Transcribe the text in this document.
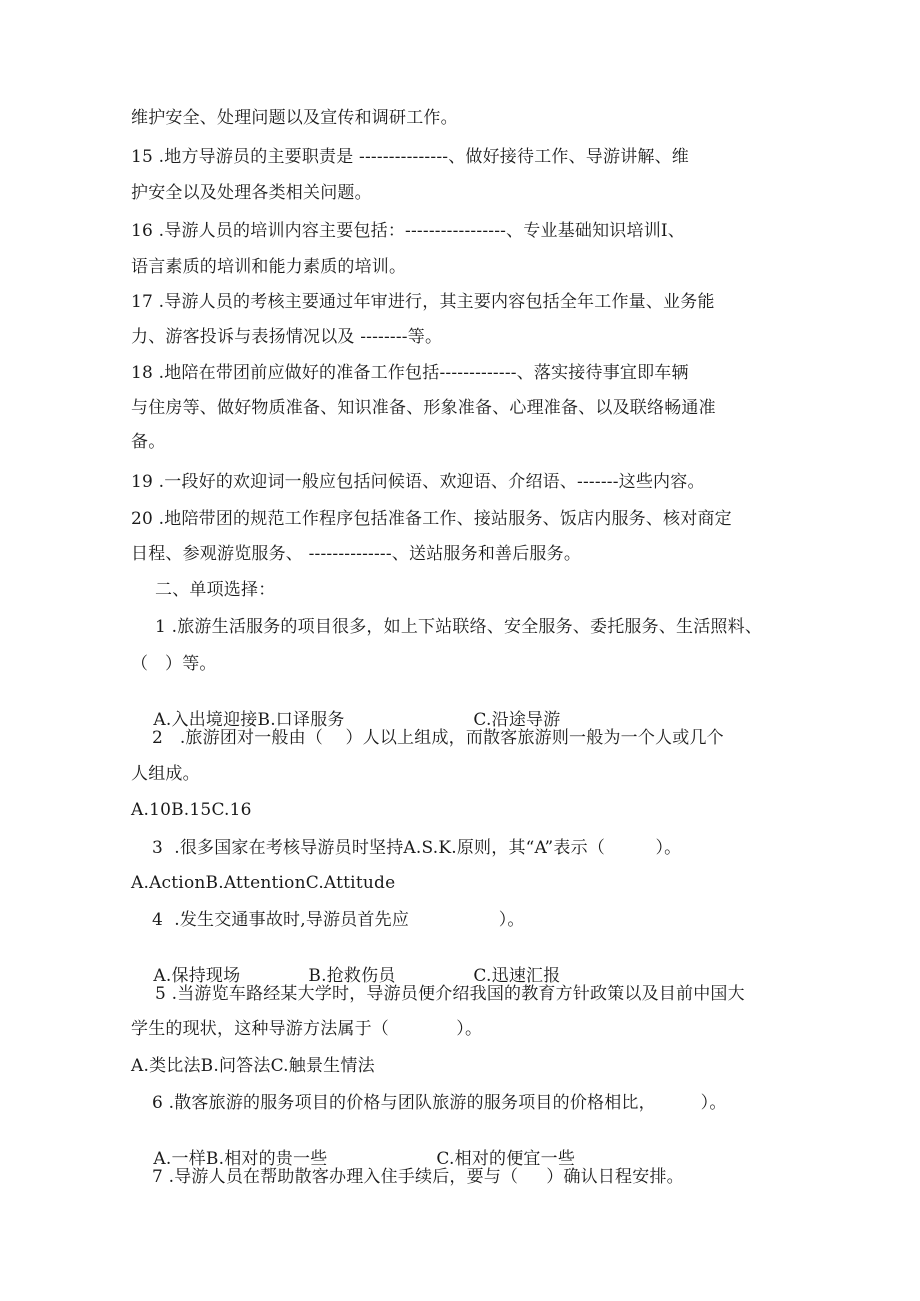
维护安全、处理问题以及宣传和调研工作。
15 .地方导游员的主要职责是 ---------------、做好接待工作、导游讲解、维
护安全以及处理各类相关问题。
16 .导游人员的培训内容主要包括：-----------------、专业基础知识培训I、
语言素质的培训和能力素质的培训。
17 .导游人员的考核主要通过年审进行，其主要内容包括全年工作量、业务能
力、游客投诉与表扬情况以及 --------等。
18 .地陪在带团前应做好的准备工作包括-------------、落实接待事宜即车辆
与住房等、做好物质准备、知识准备、形象准备、心理准备、以及联络畅通准
备。
19 .一段好的欢迎词一般应包括问候语、欢迎语、介绍语、-------这些内容。
20 .地陪带团的规范工作程序包括准备工作、接站服务、饭店内服务、核对商定
日程、参观游览服务、 --------------、送站服务和善后服务。
二、单项选择：
1 .旅游生活服务的项目很多，如上下站联络、安全服务、委托服务、生活照料、
（   ）等。

A.入出境迎接B.口译服务	C.沿途导游

2   .旅游团对一般由（    ）人以上组成，而散客旅游则一般为一个人或几个
人组成。
A.10B.15C.16
3  .很多国家在考核导游员时坚持A.S.K.原则，其“A”表示（         ）。
A.ActionB.AttentionC.Attitude
4  .发生交通事故时,导游员首先应                ）。

A.保持现场	B.抢救伤员	C.迅速汇报

5 .当游览车路经某大学时，导游员便介绍我国的教育方针政策以及目前中国大
学生的现状，这种导游方法属于（            ）。
A.类比法B.问答法C.触景生情法
6 .散客旅游的服务项目的价格与团队旅游的服务项目的价格相比，        ）。

A.一样B.相对的贵一些	C.相对的便宜一些

7 .导游人员在帮助散客办理入住手续后，要与（     ）确认日程安排。
